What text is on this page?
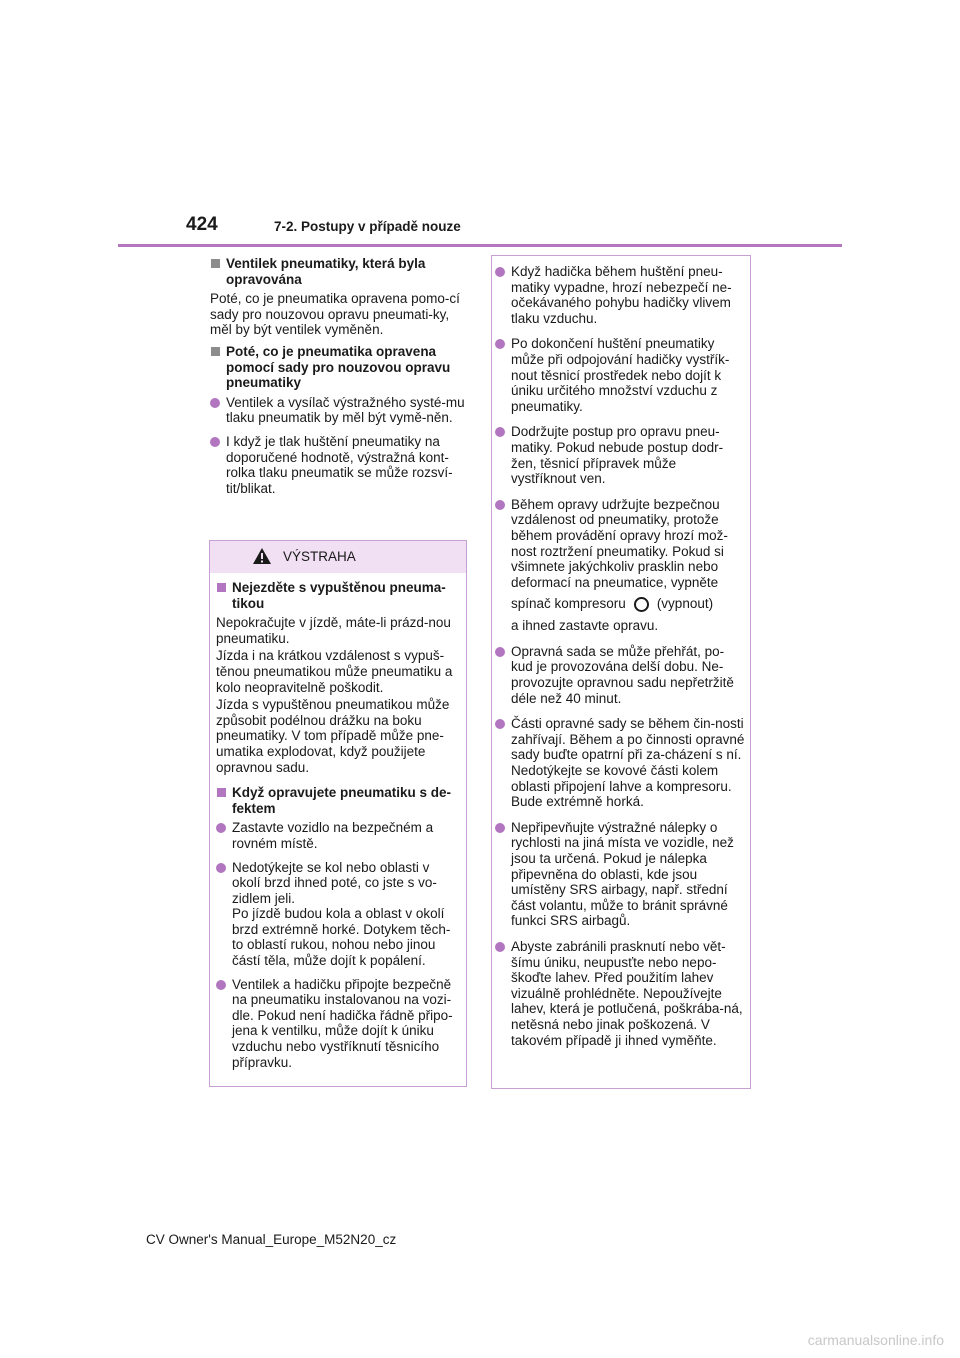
424	7-2. Postupy v případě nouze
Ventilek pneumatiky, která byla opravována
Poté, co je pneumatika opravena pomo-cí sady pro nouzovou opravu pneumati-ky, měl by být ventilek vyměněn.
Poté, co je pneumatika opravena pomocí sady pro nouzovou opravu pneumatiky
Ventilek a vysílač výstražného systé-mu tlaku pneumatik by měl být vymě-něn.
I když je tlak huštění pneumatiky na doporučené hodnotě, výstražná kont-rolka tlaku pneumatik se může rozsví-tit/blikat.
VÝSTRAHA
Nejezděte s vypuštěnou pneuma-tikou
Nepokračujte v jízdě, máte-li prázd-nou pneumatiku.
Jízda i na krátkou vzdálenost s vypuš-těnou pneumatikou může pneumatiku a kolo neopravitelně poškodit.
Jízda s vypuštěnou pneumatikou může způsobit podélnou drážku na boku pneumatiky. V tom případě může pne-umatika explodovat, když použijete opravnou sadu.
Když opravujete pneumatiku s de-fektem
Zastavte vozidlo na bezpečném a rovném místě.
Nedotýkejte se kol nebo oblasti v okolí brzd ihned poté, co jste s vo-zidlem jeli.
Po jízdě budou kola a oblast v okolí brzd extrémně horké. Dotykem těch-to oblastí rukou, nohou nebo jinou částí těla, může dojít k popálení.
Ventilek a hadičku připojte bezpečně na pneumatiku instalovanou na vozi-dle. Pokud není hadička řádně připo-jena k ventilku, může dojít k úniku vzduchu nebo vystříknutí těsnicího přípravku.
Když hadička během huštění pneu-matiky vypadne, hrozí nebezpečí ne-očekávaného pohybu hadičky vlivem tlaku vzduchu.
Po dokončení huštění pneumatiky může při odpojování hadičky vystřík-nout těsnicí prostředek nebo dojít k úniku určitého množství vzduchu z pneumatiky.
Dodržujte postup pro opravu pneu-matiky. Pokud nebude postup dodr-žen, těsnicí přípravek může vystříknout ven.
Během opravy udržujte bezpečnou vzdálenost od pneumatiky, protože během provádění opravy hrozí mož-nost roztržení pneumatiky. Pokud si všimnete jakýchkoliv prasklin nebo deformací na pneumatice, vypněte
spínač kompresoru (vypnout)
a ihned zastavte opravu.
Opravná sada se může přehřát, po-kud je provozována delší dobu. Ne-provozujte opravnou sadu nepřetržitě déle než 40 minut.
Části opravné sady se během čin-nosti zahřívají. Během a po činnosti opravné sady buďte opatrní při za-cházení s ní. Nedotýkejte se kovové části kolem oblasti připojení lahve a kompresoru. Bude extrémně horká.
Nepřipevňujte výstražné nálepky o rychlosti na jiná místa ve vozidle, než jsou ta určená. Pokud je nálepka připevněna do oblasti, kde jsou umístěny SRS airbagy, např. střední část volantu, může to bránit správné funkci SRS airbagů.
Abyste zabránili prasknutí nebo vět-šímu úniku, neupusťte nebo nepo-škoďte lahev. Před použitím lahev vizuálně prohlédněte. Nepoužívejte lahev, která je potlučená, poškrába-ná, netěsná nebo jinak poškozená. V takovém případě ji ihned vyměňte.
CV Owner's Manual_Europe_M52N20_cz
carmanualsonline.info
